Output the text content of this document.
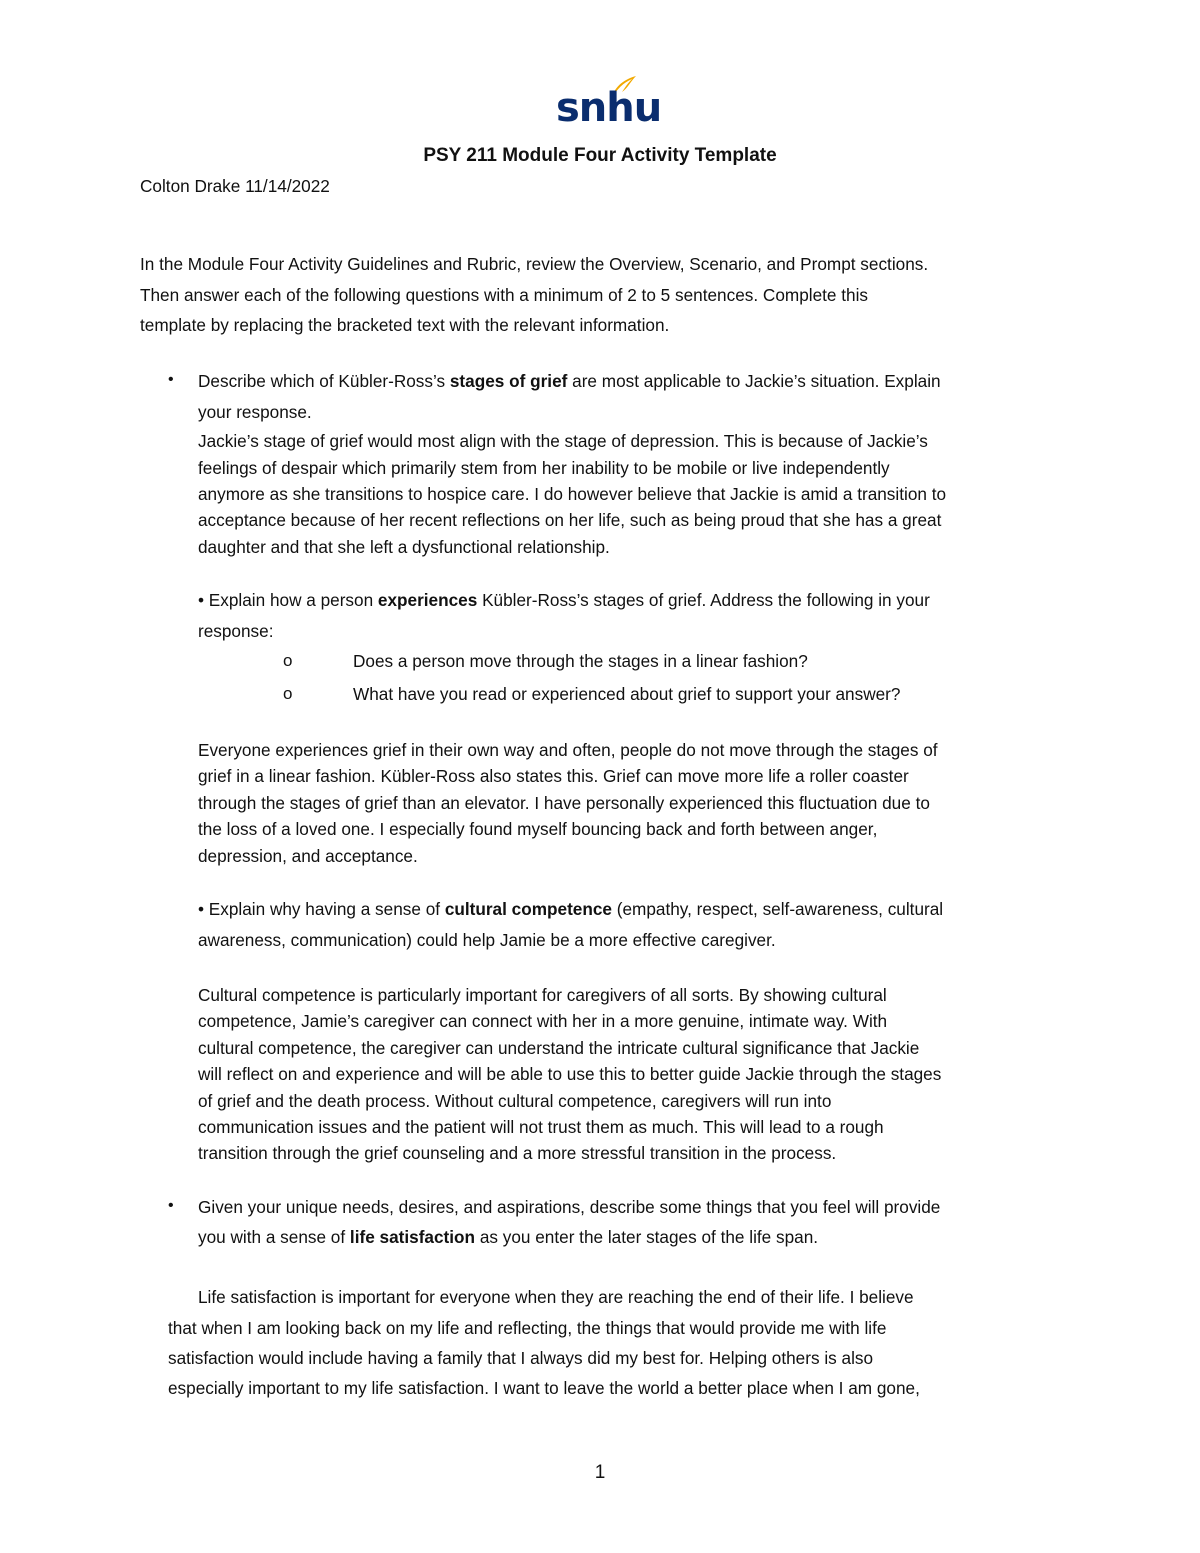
snhu
PSY 211 Module Four Activity Template
Colton Drake 11/14/2022
In the Module Four Activity Guidelines and Rubric, review the Overview, Scenario, and Prompt sections.
Then answer each of the following questions with a minimum of 2 to 5 sentences. Complete this
template by replacing the bracketed text with the relevant information.
• Describe which of Kübler-Ross’s stages of grief are most applicable to Jackie’s situation. Explain
your response.
Jackie’s stage of grief would most align with the stage of depression. This is because of Jackie’s
feelings of despair which primarily stem from her inability to be mobile or live independently
anymore as she transitions to hospice care. I do however believe that Jackie is amid a transition to
acceptance because of her recent reflections on her life, such as being proud that she has a great
daughter and that she left a dysfunctional relationship.
• Explain how a person experiences Kübler-Ross’s stages of grief. Address the following in your
response:
o	Does a person move through the stages in a linear fashion?
o	What have you read or experienced about grief to support your answer?
Everyone experiences grief in their own way and often, people do not move through the stages of
grief in a linear fashion. Kübler-Ross also states this. Grief can move more life a roller coaster
through the stages of grief than an elevator. I have personally experienced this fluctuation due to
the loss of a loved one. I especially found myself bouncing back and forth between anger,
depression, and acceptance.
• Explain why having a sense of cultural competence (empathy, respect, self-awareness, cultural
awareness, communication) could help Jamie be a more effective caregiver.
Cultural competence is particularly important for caregivers of all sorts. By showing cultural
competence, Jamie’s caregiver can connect with her in a more genuine, intimate way. With
cultural competence, the caregiver can understand the intricate cultural significance that Jackie
will reflect on and experience and will be able to use this to better guide Jackie through the stages
of grief and the death process. Without cultural competence, caregivers will run into
communication issues and the patient will not trust them as much. This will lead to a rough
transition through the grief counseling and a more stressful transition in the process.
• Given your unique needs, desires, and aspirations, describe some things that you feel will provide
you with a sense of life satisfaction as you enter the later stages of the life span.
Life satisfaction is important for everyone when they are reaching the end of their life. I believe
that when I am looking back on my life and reflecting, the things that would provide me with life
satisfaction would include having a family that I always did my best for. Helping others is also
especially important to my life satisfaction. I want to leave the world a better place when I am gone,
1
